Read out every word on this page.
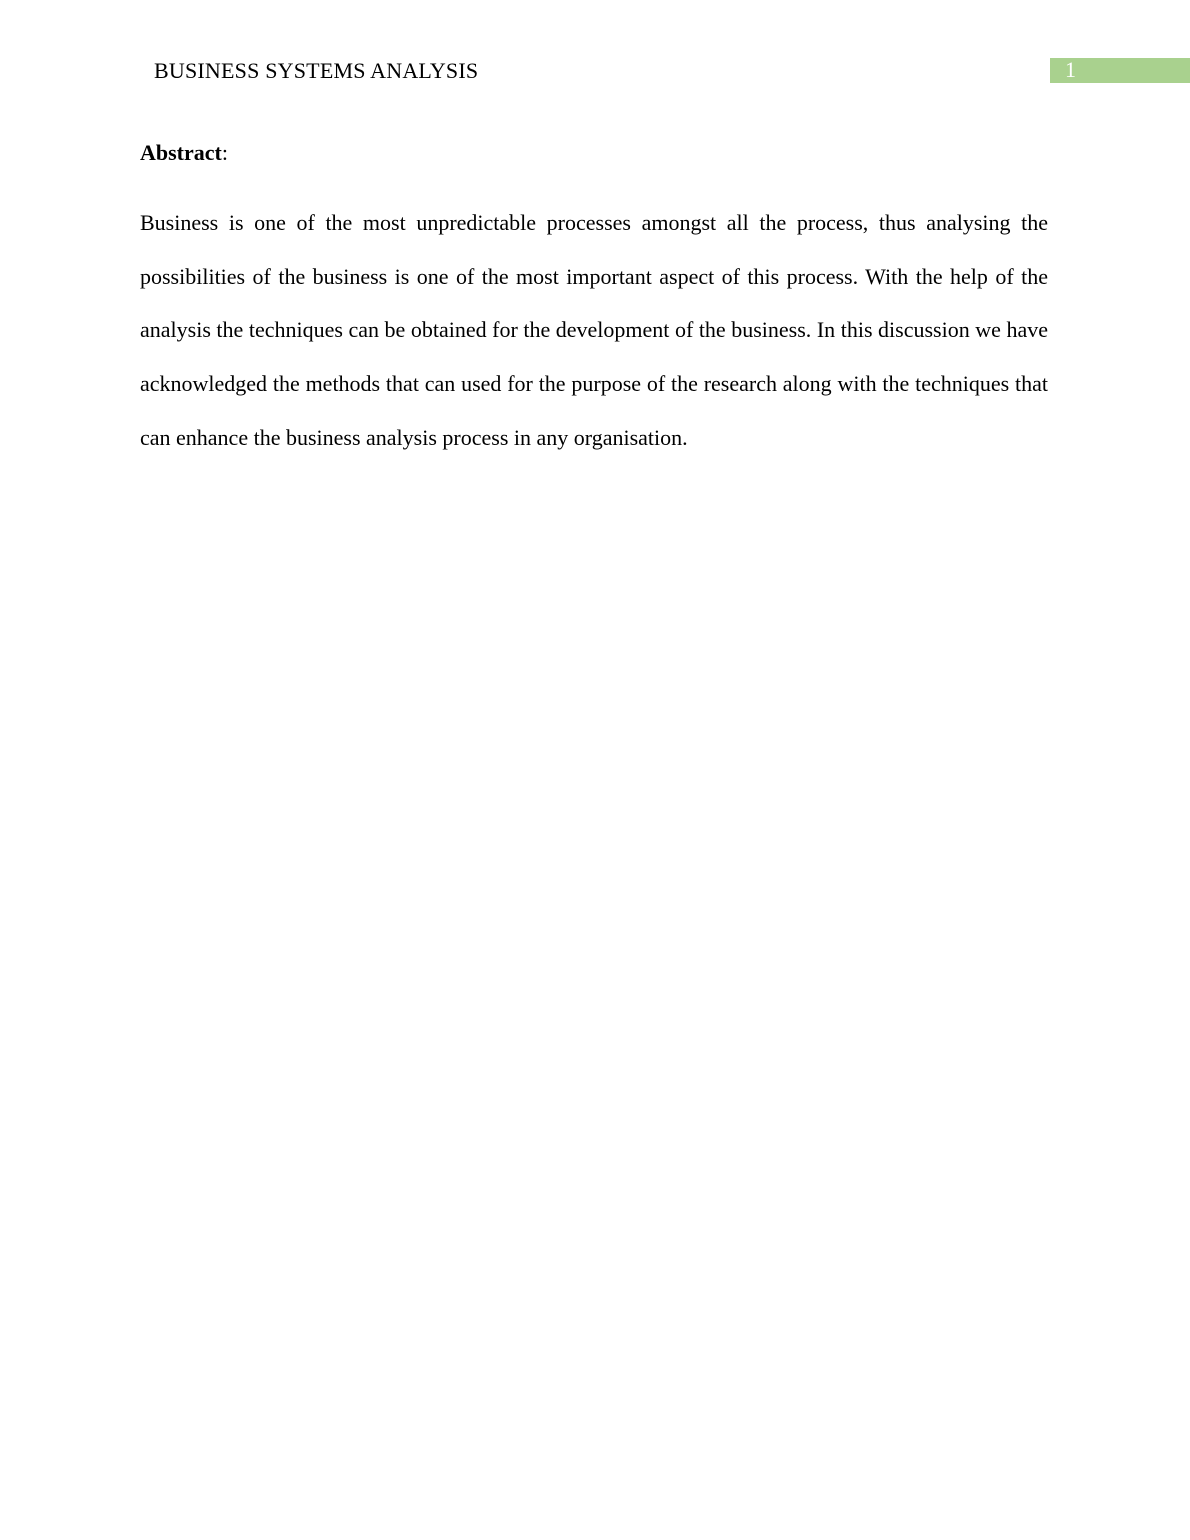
BUSINESS SYSTEMS ANALYSIS	1
Abstract:

Business is one of the most unpredictable processes amongst all the process, thus analysing the possibilities of the business is one of the most important aspect of this process. With the help of the analysis the techniques can be obtained for the development of the business. In this discussion we have acknowledged the methods that can used for the purpose of the research along with the techniques that can enhance the business analysis process in any organisation.
